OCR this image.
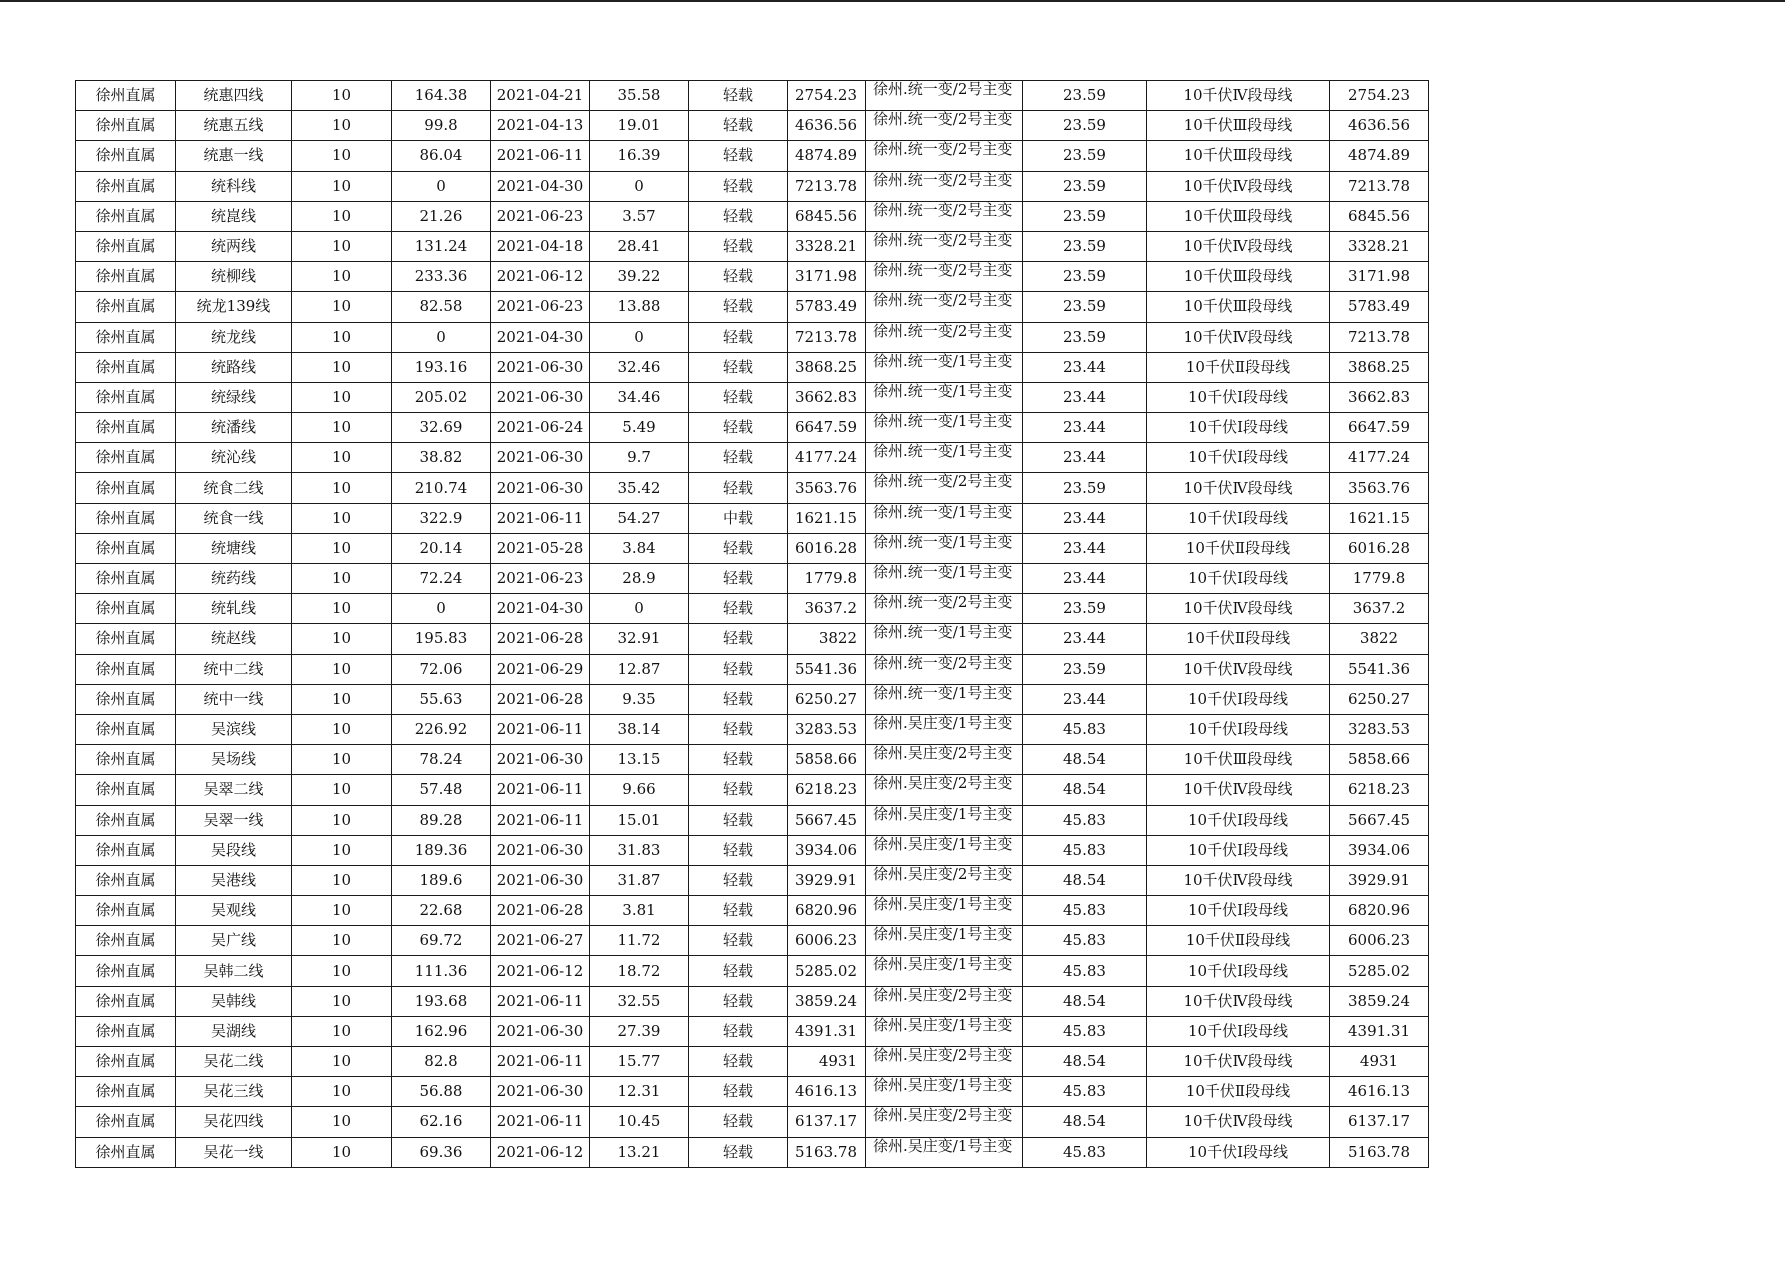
徐州直属	统惠四线	10	164.38	2021-04-21	35.58	轻载	2754.23	徐州.统一变/2号主变	23.59	10千伏Ⅳ段母线	2754.23
徐州直属	统惠五线	10	99.8	2021-04-13	19.01	轻载	4636.56	徐州.统一变/2号主变	23.59	10千伏Ⅲ段母线	4636.56
徐州直属	统惠一线	10	86.04	2021-06-11	16.39	轻载	4874.89	徐州.统一变/2号主变	23.59	10千伏Ⅲ段母线	4874.89
徐州直属	统科线	10	0	2021-04-30	0	轻载	7213.78	徐州.统一变/2号主变	23.59	10千伏Ⅳ段母线	7213.78
徐州直属	统崑线	10	21.26	2021-06-23	3.57	轻载	6845.56	徐州.统一变/2号主变	23.59	10千伏Ⅲ段母线	6845.56
徐州直属	统两线	10	131.24	2021-04-18	28.41	轻载	3328.21	徐州.统一变/2号主变	23.59	10千伏Ⅳ段母线	3328.21
徐州直属	统柳线	10	233.36	2021-06-12	39.22	轻载	3171.98	徐州.统一变/2号主变	23.59	10千伏Ⅲ段母线	3171.98
徐州直属	统龙139线	10	82.58	2021-06-23	13.88	轻载	5783.49	徐州.统一变/2号主变	23.59	10千伏Ⅲ段母线	5783.49
徐州直属	统龙线	10	0	2021-04-30	0	轻载	7213.78	徐州.统一变/2号主变	23.59	10千伏Ⅳ段母线	7213.78
徐州直属	统路线	10	193.16	2021-06-30	32.46	轻载	3868.25	徐州.统一变/1号主变	23.44	10千伏Ⅱ段母线	3868.25
徐州直属	统绿线	10	205.02	2021-06-30	34.46	轻载	3662.83	徐州.统一变/1号主变	23.44	10千伏Ⅰ段母线	3662.83
徐州直属	统潘线	10	32.69	2021-06-24	5.49	轻载	6647.59	徐州.统一变/1号主变	23.44	10千伏Ⅰ段母线	6647.59
徐州直属	统沁线	10	38.82	2021-06-30	9.7	轻载	4177.24	徐州.统一变/1号主变	23.44	10千伏Ⅰ段母线	4177.24
徐州直属	统食二线	10	210.74	2021-06-30	35.42	轻载	3563.76	徐州.统一变/2号主变	23.59	10千伏Ⅳ段母线	3563.76
徐州直属	统食一线	10	322.9	2021-06-11	54.27	中载	1621.15	徐州.统一变/1号主变	23.44	10千伏Ⅰ段母线	1621.15
徐州直属	统塘线	10	20.14	2021-05-28	3.84	轻载	6016.28	徐州.统一变/1号主变	23.44	10千伏Ⅱ段母线	6016.28
徐州直属	统药线	10	72.24	2021-06-23	28.9	轻载	1779.8	徐州.统一变/1号主变	23.44	10千伏Ⅰ段母线	1779.8
徐州直属	统轧线	10	0	2021-04-30	0	轻载	3637.2	徐州.统一变/2号主变	23.59	10千伏Ⅳ段母线	3637.2
徐州直属	统赵线	10	195.83	2021-06-28	32.91	轻载	3822	徐州.统一变/1号主变	23.44	10千伏Ⅱ段母线	3822
徐州直属	统中二线	10	72.06	2021-06-29	12.87	轻载	5541.36	徐州.统一变/2号主变	23.59	10千伏Ⅳ段母线	5541.36
徐州直属	统中一线	10	55.63	2021-06-28	9.35	轻载	6250.27	徐州.统一变/1号主变	23.44	10千伏Ⅰ段母线	6250.27
徐州直属	吴滨线	10	226.92	2021-06-11	38.14	轻载	3283.53	徐州.吴庄变/1号主变	45.83	10千伏Ⅰ段母线	3283.53
徐州直属	吴场线	10	78.24	2021-06-30	13.15	轻载	5858.66	徐州.吴庄变/2号主变	48.54	10千伏Ⅲ段母线	5858.66
徐州直属	吴翠二线	10	57.48	2021-06-11	9.66	轻载	6218.23	徐州.吴庄变/2号主变	48.54	10千伏Ⅳ段母线	6218.23
徐州直属	吴翠一线	10	89.28	2021-06-11	15.01	轻载	5667.45	徐州.吴庄变/1号主变	45.83	10千伏Ⅰ段母线	5667.45
徐州直属	吴段线	10	189.36	2021-06-30	31.83	轻载	3934.06	徐州.吴庄变/1号主变	45.83	10千伏Ⅰ段母线	3934.06
徐州直属	吴港线	10	189.6	2021-06-30	31.87	轻载	3929.91	徐州.吴庄变/2号主变	48.54	10千伏Ⅳ段母线	3929.91
徐州直属	吴观线	10	22.68	2021-06-28	3.81	轻载	6820.96	徐州.吴庄变/1号主变	45.83	10千伏Ⅰ段母线	6820.96
徐州直属	吴广线	10	69.72	2021-06-27	11.72	轻载	6006.23	徐州.吴庄变/1号主变	45.83	10千伏Ⅱ段母线	6006.23
徐州直属	吴韩二线	10	111.36	2021-06-12	18.72	轻载	5285.02	徐州.吴庄变/1号主变	45.83	10千伏Ⅰ段母线	5285.02
徐州直属	吴韩线	10	193.68	2021-06-11	32.55	轻载	3859.24	徐州.吴庄变/2号主变	48.54	10千伏Ⅳ段母线	3859.24
徐州直属	吴湖线	10	162.96	2021-06-30	27.39	轻载	4391.31	徐州.吴庄变/1号主变	45.83	10千伏Ⅰ段母线	4391.31
徐州直属	吴花二线	10	82.8	2021-06-11	15.77	轻载	4931	徐州.吴庄变/2号主变	48.54	10千伏Ⅳ段母线	4931
徐州直属	吴花三线	10	56.88	2021-06-30	12.31	轻载	4616.13	徐州.吴庄变/1号主变	45.83	10千伏Ⅱ段母线	4616.13
徐州直属	吴花四线	10	62.16	2021-06-11	10.45	轻载	6137.17	徐州.吴庄变/2号主变	48.54	10千伏Ⅳ段母线	6137.17
徐州直属	吴花一线	10	69.36	2021-06-12	13.21	轻载	5163.78	徐州.吴庄变/1号主变	45.83	10千伏Ⅰ段母线	5163.78
